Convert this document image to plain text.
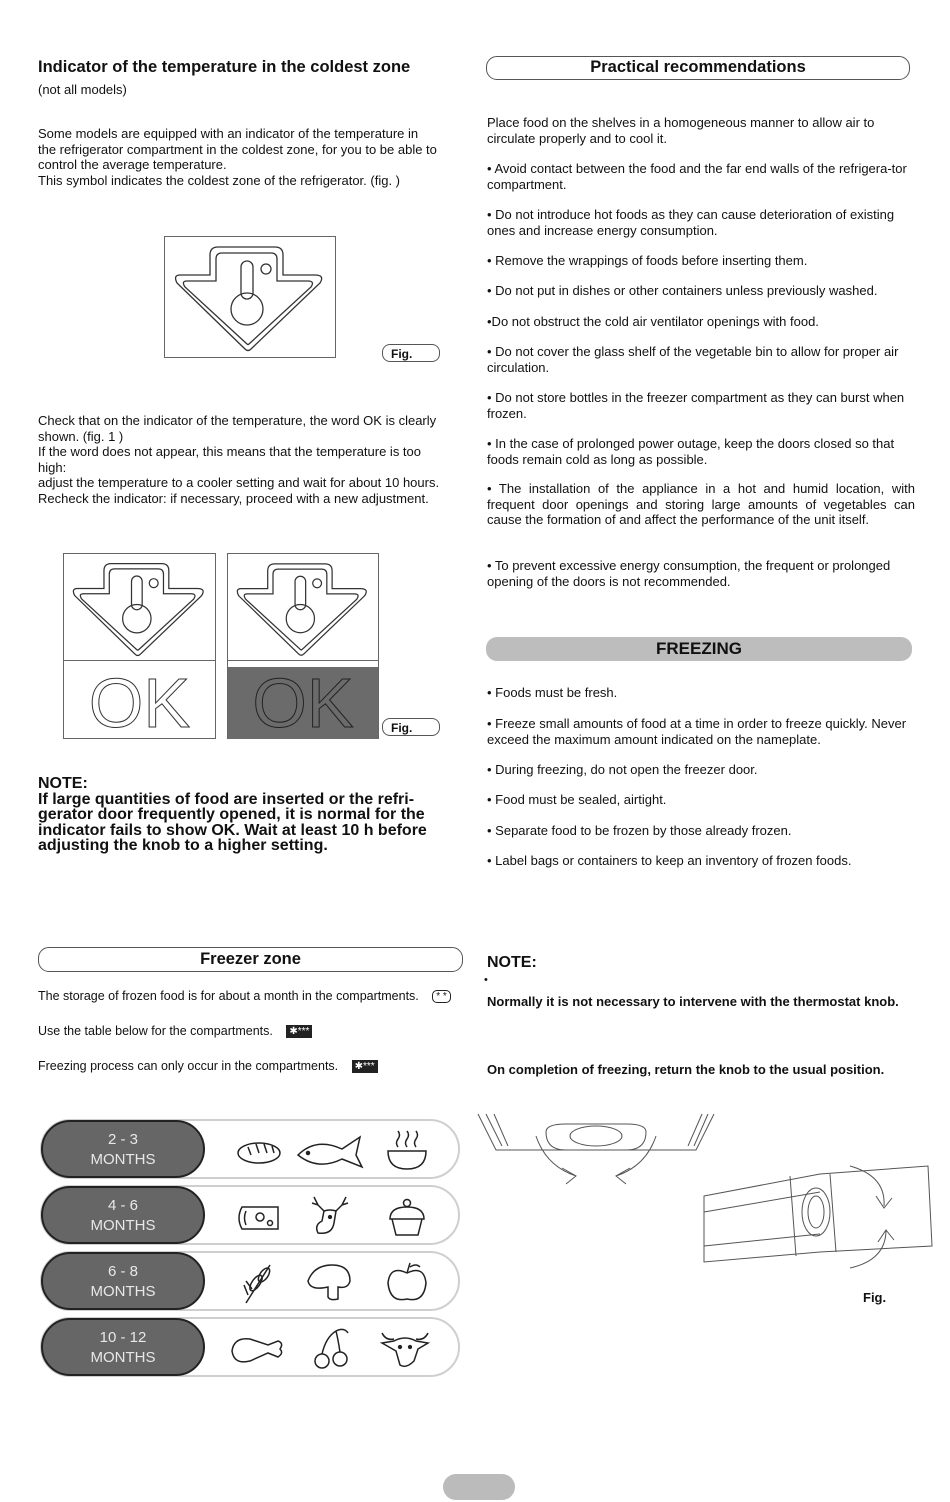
Indicator of the temperature in the coldest zone
(not all models)

Some models are equipped with an indicator of the temperature in

the refrigerator compartment in the coldest zone, for you to be able to

control the average temperature.

This symbol indicates the coldest zone of the refrigerator. (fig. )

Fig.

Check that on the indicator of the temperature, the word OK is clearly

shown. (fig. 1 )

If the word does not appear, this means that the temperature is too

high:

adjust the temperature to a cooler setting and wait for about 10 hours.

Recheck the indicator: if necessary, proceed with a new adjustment.

OK OK	Fig.
NOTE:
If large quantities of food are inserted or the refri-
gerator door frequently opened, it is normal for the
indicator fails to show OK. Wait at least 10 h before
adjusting the knob to a higher setting.
Freezer zone
The storage of frozen food is for about a month in the compartments. * *
Use the table below for the compartments. ✱***
Freezing process can only occur in the compartments. ✱***
2 - 3
MONTHS
4 - 6
MONTHS
6 - 8
MONTHS
10 - 12
MONTHS
Practical recommendations
Place food on the shelves in a homogeneous manner to allow air to circulate properly and to cool it.
• Avoid contact between the food and the far end walls of the refrigera-tor compartment.
• Do not introduce hot foods as they can cause deterioration of existing ones and increase energy consumption.
• Remove the wrappings of foods before inserting them.
• Do not put in dishes or other containers unless previously washed.
•Do not obstruct the cold air ventilator openings with food.
• Do not cover the glass shelf of the vegetable bin to allow for proper air circulation.
• Do not store bottles in the freezer compartment as they can burst when frozen.
• In the case of prolonged power outage, keep the doors closed so that foods remain cold as long as possible.
• The installation of the appliance in a hot and humid location, with frequent door openings and storing large amounts of vegetables can cause the formation of and affect the performance of the unit itself.
• To prevent excessive energy consumption, the frequent or prolonged opening of the doors is not recommended.
FREEZING
• Foods must be fresh.
• Freeze small amounts of food at a time in order to freeze quickly. Never exceed the maximum amount indicated on the nameplate.
• During freezing, do not open the freezer door.
• Food must be sealed, airtight.
• Separate food to be frozen by those already frozen.
• Label bags or containers to keep an inventory of frozen foods.
NOTE:
•
Normally it is not necessary to intervene with the thermostat knob.
On completion of freezing, return the knob to the usual position.
Fig.
